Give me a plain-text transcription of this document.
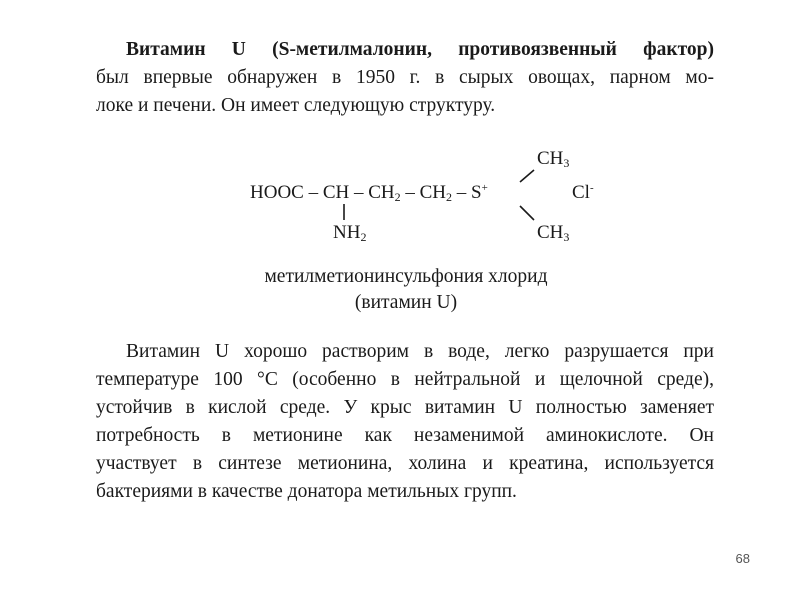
Витамин U (S-метилмалонин, противоязвенный фактор)
был впервые обнаружен в 1950 г. в сырых овощах, парном мо-
локе и печени. Он имеет следующую структуру.
HOOC – CH – $CH_2 - CH_2 - S^+$	Cl-
$NH_2$
$CH_3$
$CH_3$
метилметионинсульфония хлорид
(витамин U)
Витамин U хорошо растворим в воде, легко разрушается при
температуре 100 °С (особенно в нейтральной и щелочной среде),
устойчив в кислой среде. У крыс витамин U полностью заменяет
потребность в метионине как незаменимой аминокислоте. Он
участвует в синтезе метионина, холина и креатина, используется
бактериями в качестве донатора метильных групп.
68
